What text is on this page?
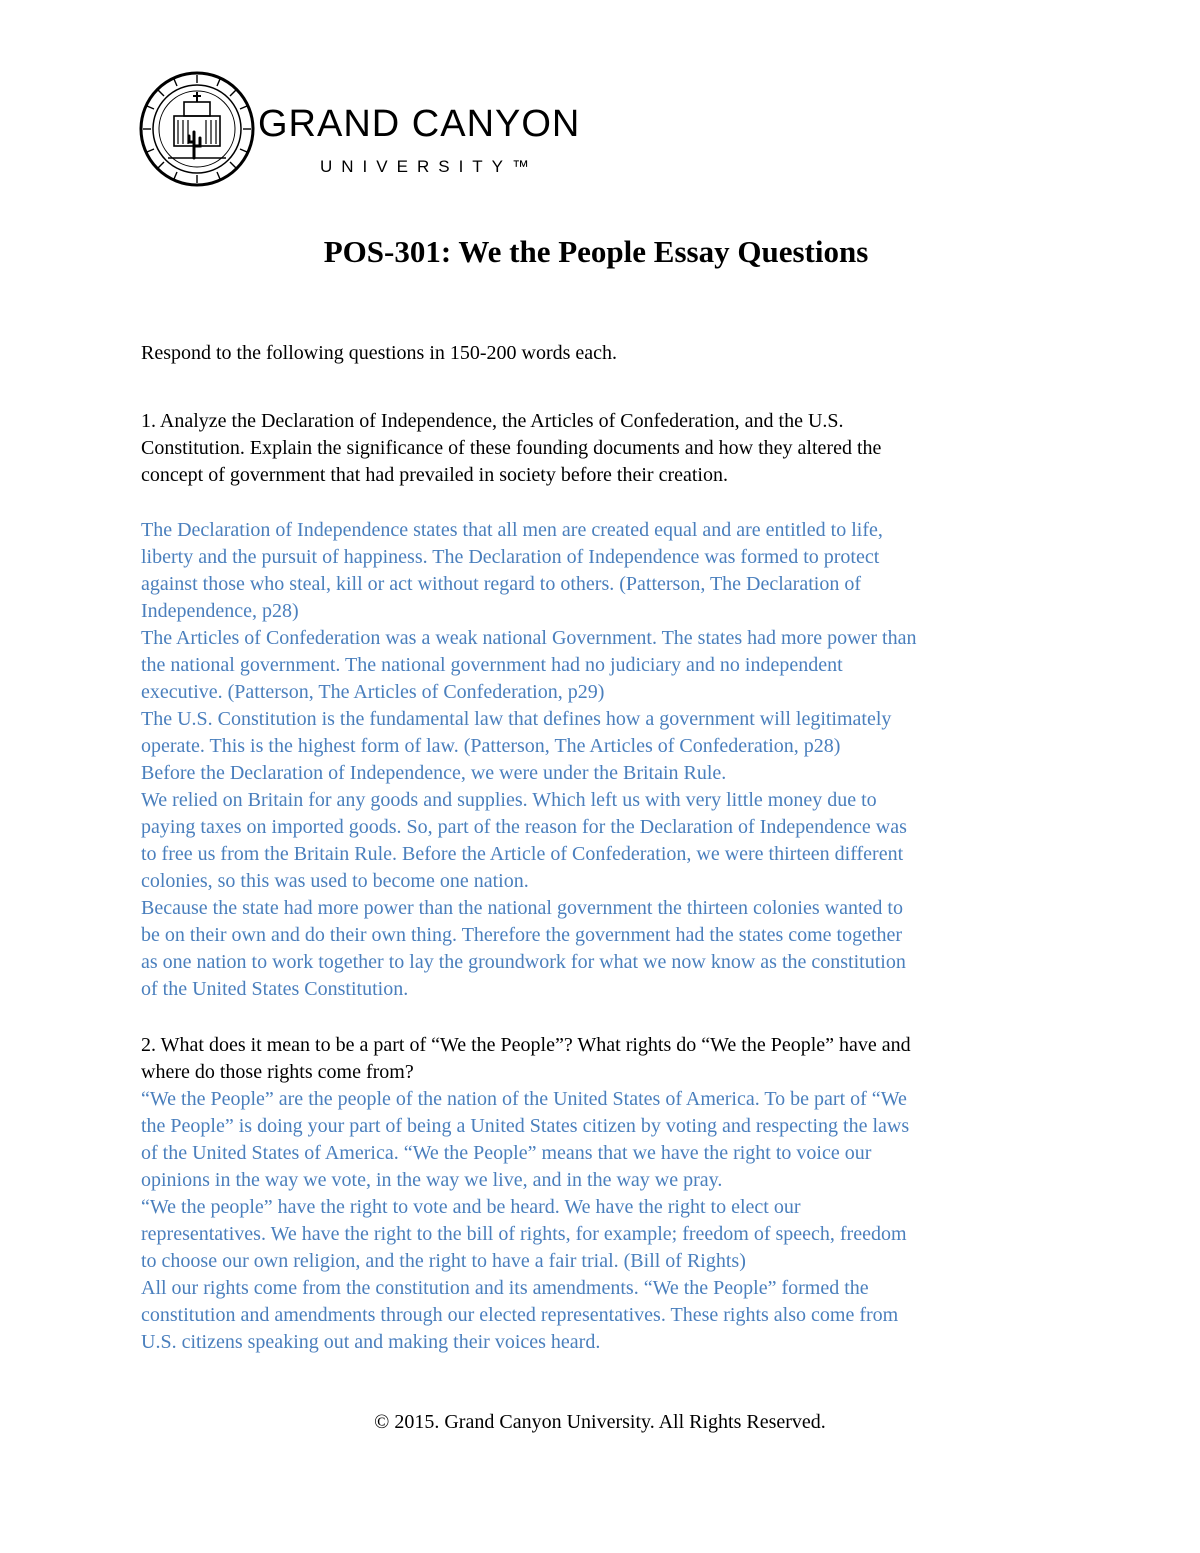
GRAND CANYON
UNIVERSITY™
POS-301: We the People Essay Questions
Respond to the following questions in 150-200 words each.
1. Analyze the Declaration of Independence, the Articles of Confederation, and the U.S.
Constitution. Explain the significance of these founding documents and how they altered the
concept of government that had prevailed in society before their creation.
The Declaration of Independence states that all men are created equal and are entitled to life,
liberty and the pursuit of happiness. The Declaration of Independence was formed to protect
against those who steal, kill or act without regard to others. (Patterson, The Declaration of
Independence, p28)
The Articles of Confederation was a weak national Government. The states had more power than
the national government. The national government had no judiciary and no independent
executive. (Patterson, The Articles of Confederation, p29)
The U.S. Constitution is the fundamental law that defines how a government will legitimately
operate. This is the highest form of law. (Patterson, The Articles of Confederation, p28)
Before the Declaration of Independence, we were under the Britain Rule.
We relied on Britain for any goods and supplies. Which left us with very little money due to
paying taxes on imported goods. So, part of the reason for the Declaration of Independence was
to free us from the Britain Rule. Before the Article of Confederation, we were thirteen different
colonies, so this was used to become one nation.
Because the state had more power than the national government the thirteen colonies wanted to
be on their own and do their own thing. Therefore the government had the states come together
as one nation to work together to lay the groundwork for what we now know as the constitution
of the United States Constitution.
2. What does it mean to be a part of “We the People”? What rights do “We the People” have and
where do those rights come from?
“We the People” are the people of the nation of the United States of America. To be part of “We
the People” is doing your part of being a United States citizen by voting and respecting the laws
of the United States of America. “We the People” means that we have the right to voice our
opinions in the way we vote, in the way we live, and in the way we pray.
“We the people” have the right to vote and be heard. We have the right to elect our
representatives. We have the right to the bill of rights, for example; freedom of speech, freedom
to choose our own religion, and the right to have a fair trial. (Bill of Rights)
All our rights come from the constitution and its amendments. “We the People” formed the
constitution and amendments through our elected representatives. These rights also come from
U.S. citizens speaking out and making their voices heard.
© 2015. Grand Canyon University. All Rights Reserved.
